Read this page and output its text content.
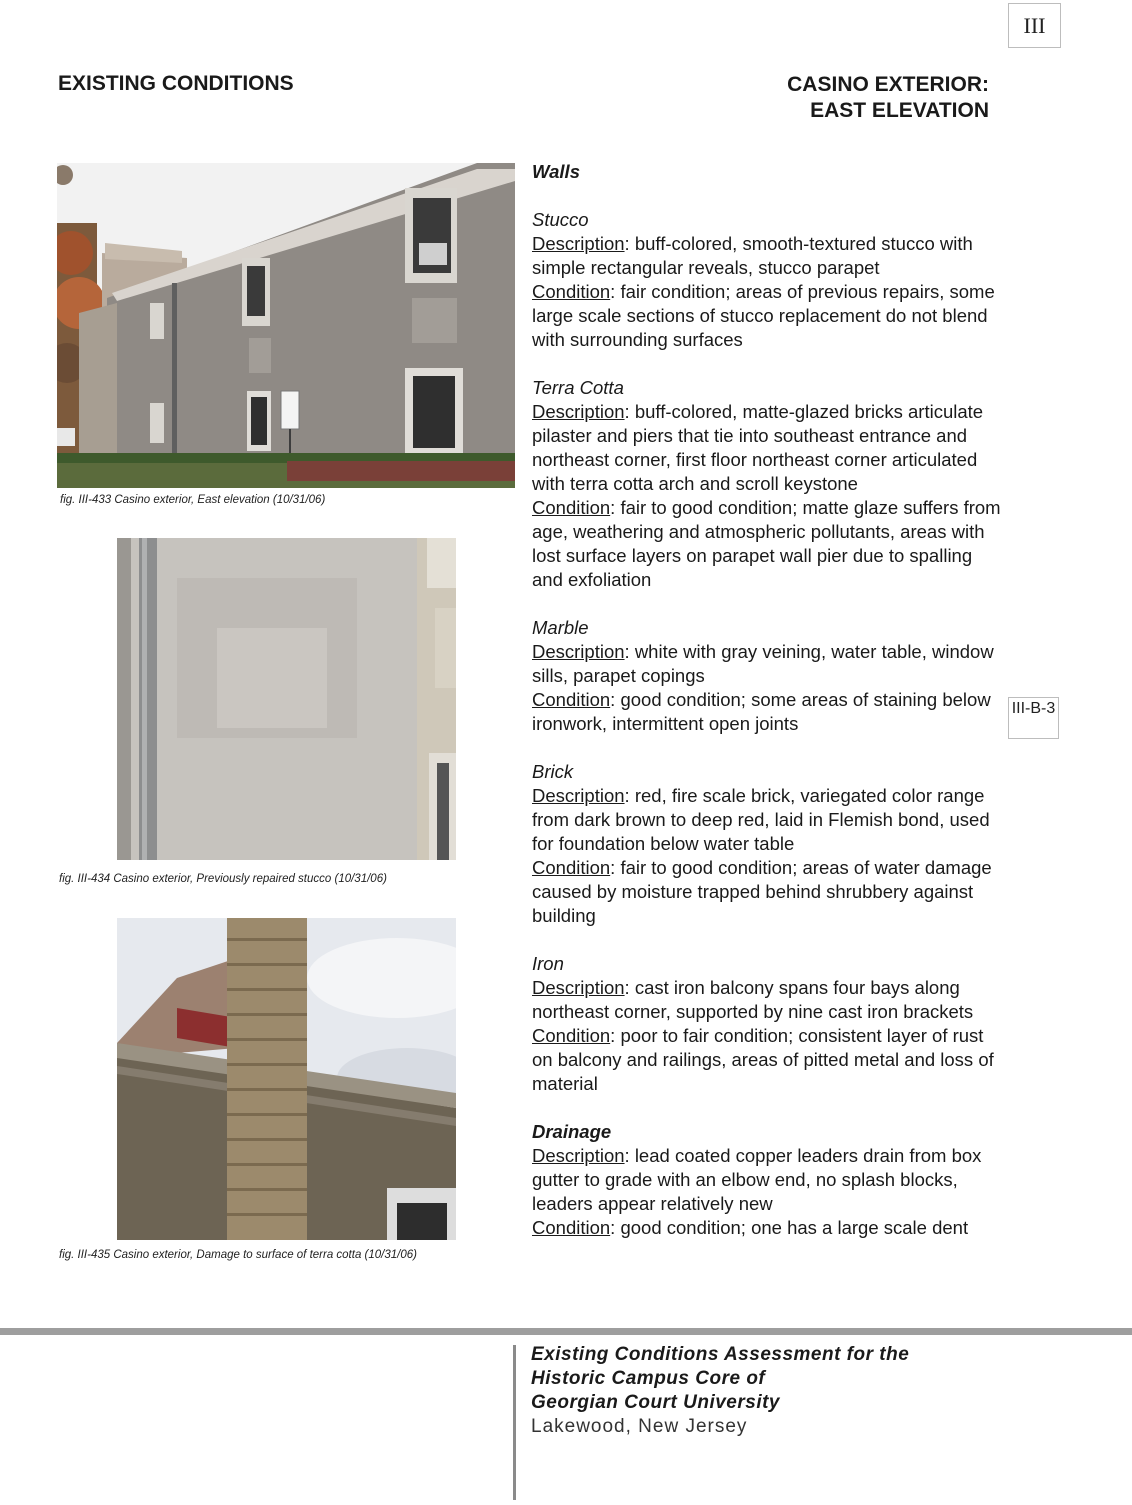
III
III-B-3
EXISTING CONDITIONS	CASINO EXTERIOR:
EAST ELEVATION
fig. III-433 Casino exterior, East elevation (10/31/06)
fig. III-434 Casino exterior, Previously repaired stucco (10/31/06)
fig. III-435 Casino exterior, Damage to surface of terra cotta (10/31/06)
Walls
Stucco
Description: buff-colored, smooth-textured stucco with simple rectangular reveals, stucco parapet
Condition: fair condition; areas of previous repairs, some large scale sections of stucco replacement do not blend with surrounding surfaces
Terra Cotta
Description: buff-colored, matte-glazed bricks articulate pilaster and piers that tie into southeast entrance and northeast corner, first floor northeast corner articulated with terra cotta arch and scroll keystone
Condition: fair to good condition; matte glaze suffers from age, weathering and atmospheric pollutants, areas with lost surface layers on parapet wall pier due to spalling and exfoliation
Marble
Description: white with gray veining, water table, window sills, parapet copings
Condition: good condition; some areas of staining below ironwork, intermittent open joints
Brick
Description: red, fire scale brick, variegated color range from dark brown to deep red, laid in Flemish bond, used for foundation below water table
Condition: fair to good condition; areas of water damage caused by moisture trapped behind shrubbery against building
Iron
Description: cast iron balcony spans four bays along northeast corner, supported by nine cast iron brackets
Condition: poor to fair condition; consistent layer of rust on balcony and railings, areas of pitted metal and loss of material
Drainage
Description: lead coated copper leaders drain from box gutter to grade with an elbow end, no splash blocks, leaders appear relatively new
Condition: good condition; one has a large scale dent
Existing Conditions Assessment for the
Historic Campus Core of
Georgian Court University
Lakewood, New Jersey
